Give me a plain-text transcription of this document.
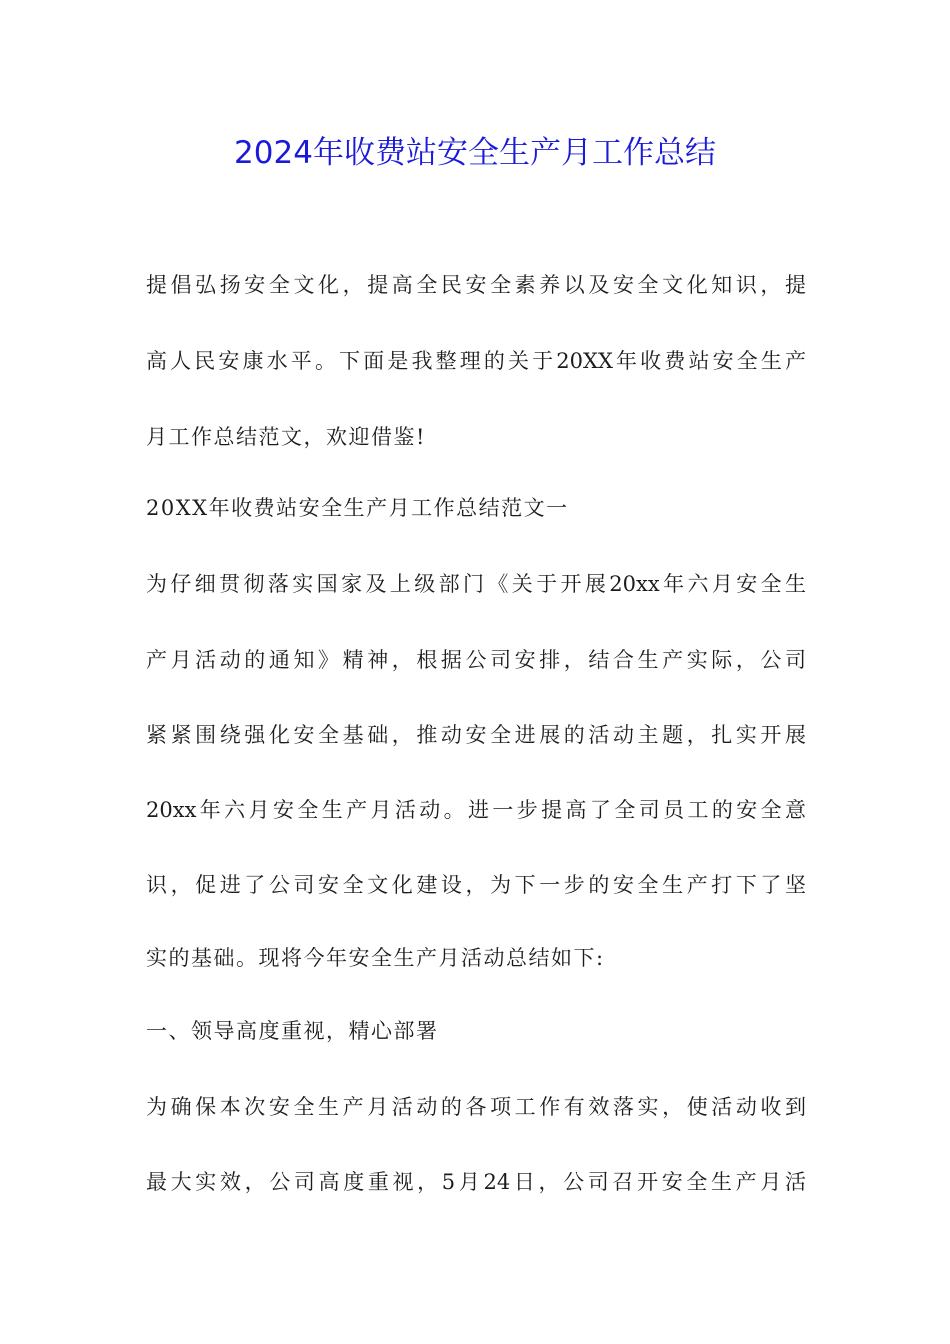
2024年收费站安全生产月工作总结
提倡弘扬安全文化，提高全民安全素养以及安全文化知识，提
高人民安康水平。下面是我整理的关于20XX年收费站安全生产
月工作总结范文，欢迎借鉴!
20XX年收费站安全生产月工作总结范文一
为仔细贯彻落实国家及上级部门《关于开展20xx年六月安全生
产月活动的通知》精神，根据公司安排，结合生产实际，公司
紧紧围绕强化安全基础，推动安全进展的活动主题，扎实开展
20xx年六月安全生产月活动。进一步提高了全司员工的安全意
识，促进了公司安全文化建设，为下一步的安全生产打下了坚
实的基础。现将今年安全生产月活动总结如下:
一、领导高度重视，精心部署
为确保本次安全生产月活动的各项工作有效落实，使活动收到
最大实效，公司高度重视，5月24日，公司召开安全生产月活
